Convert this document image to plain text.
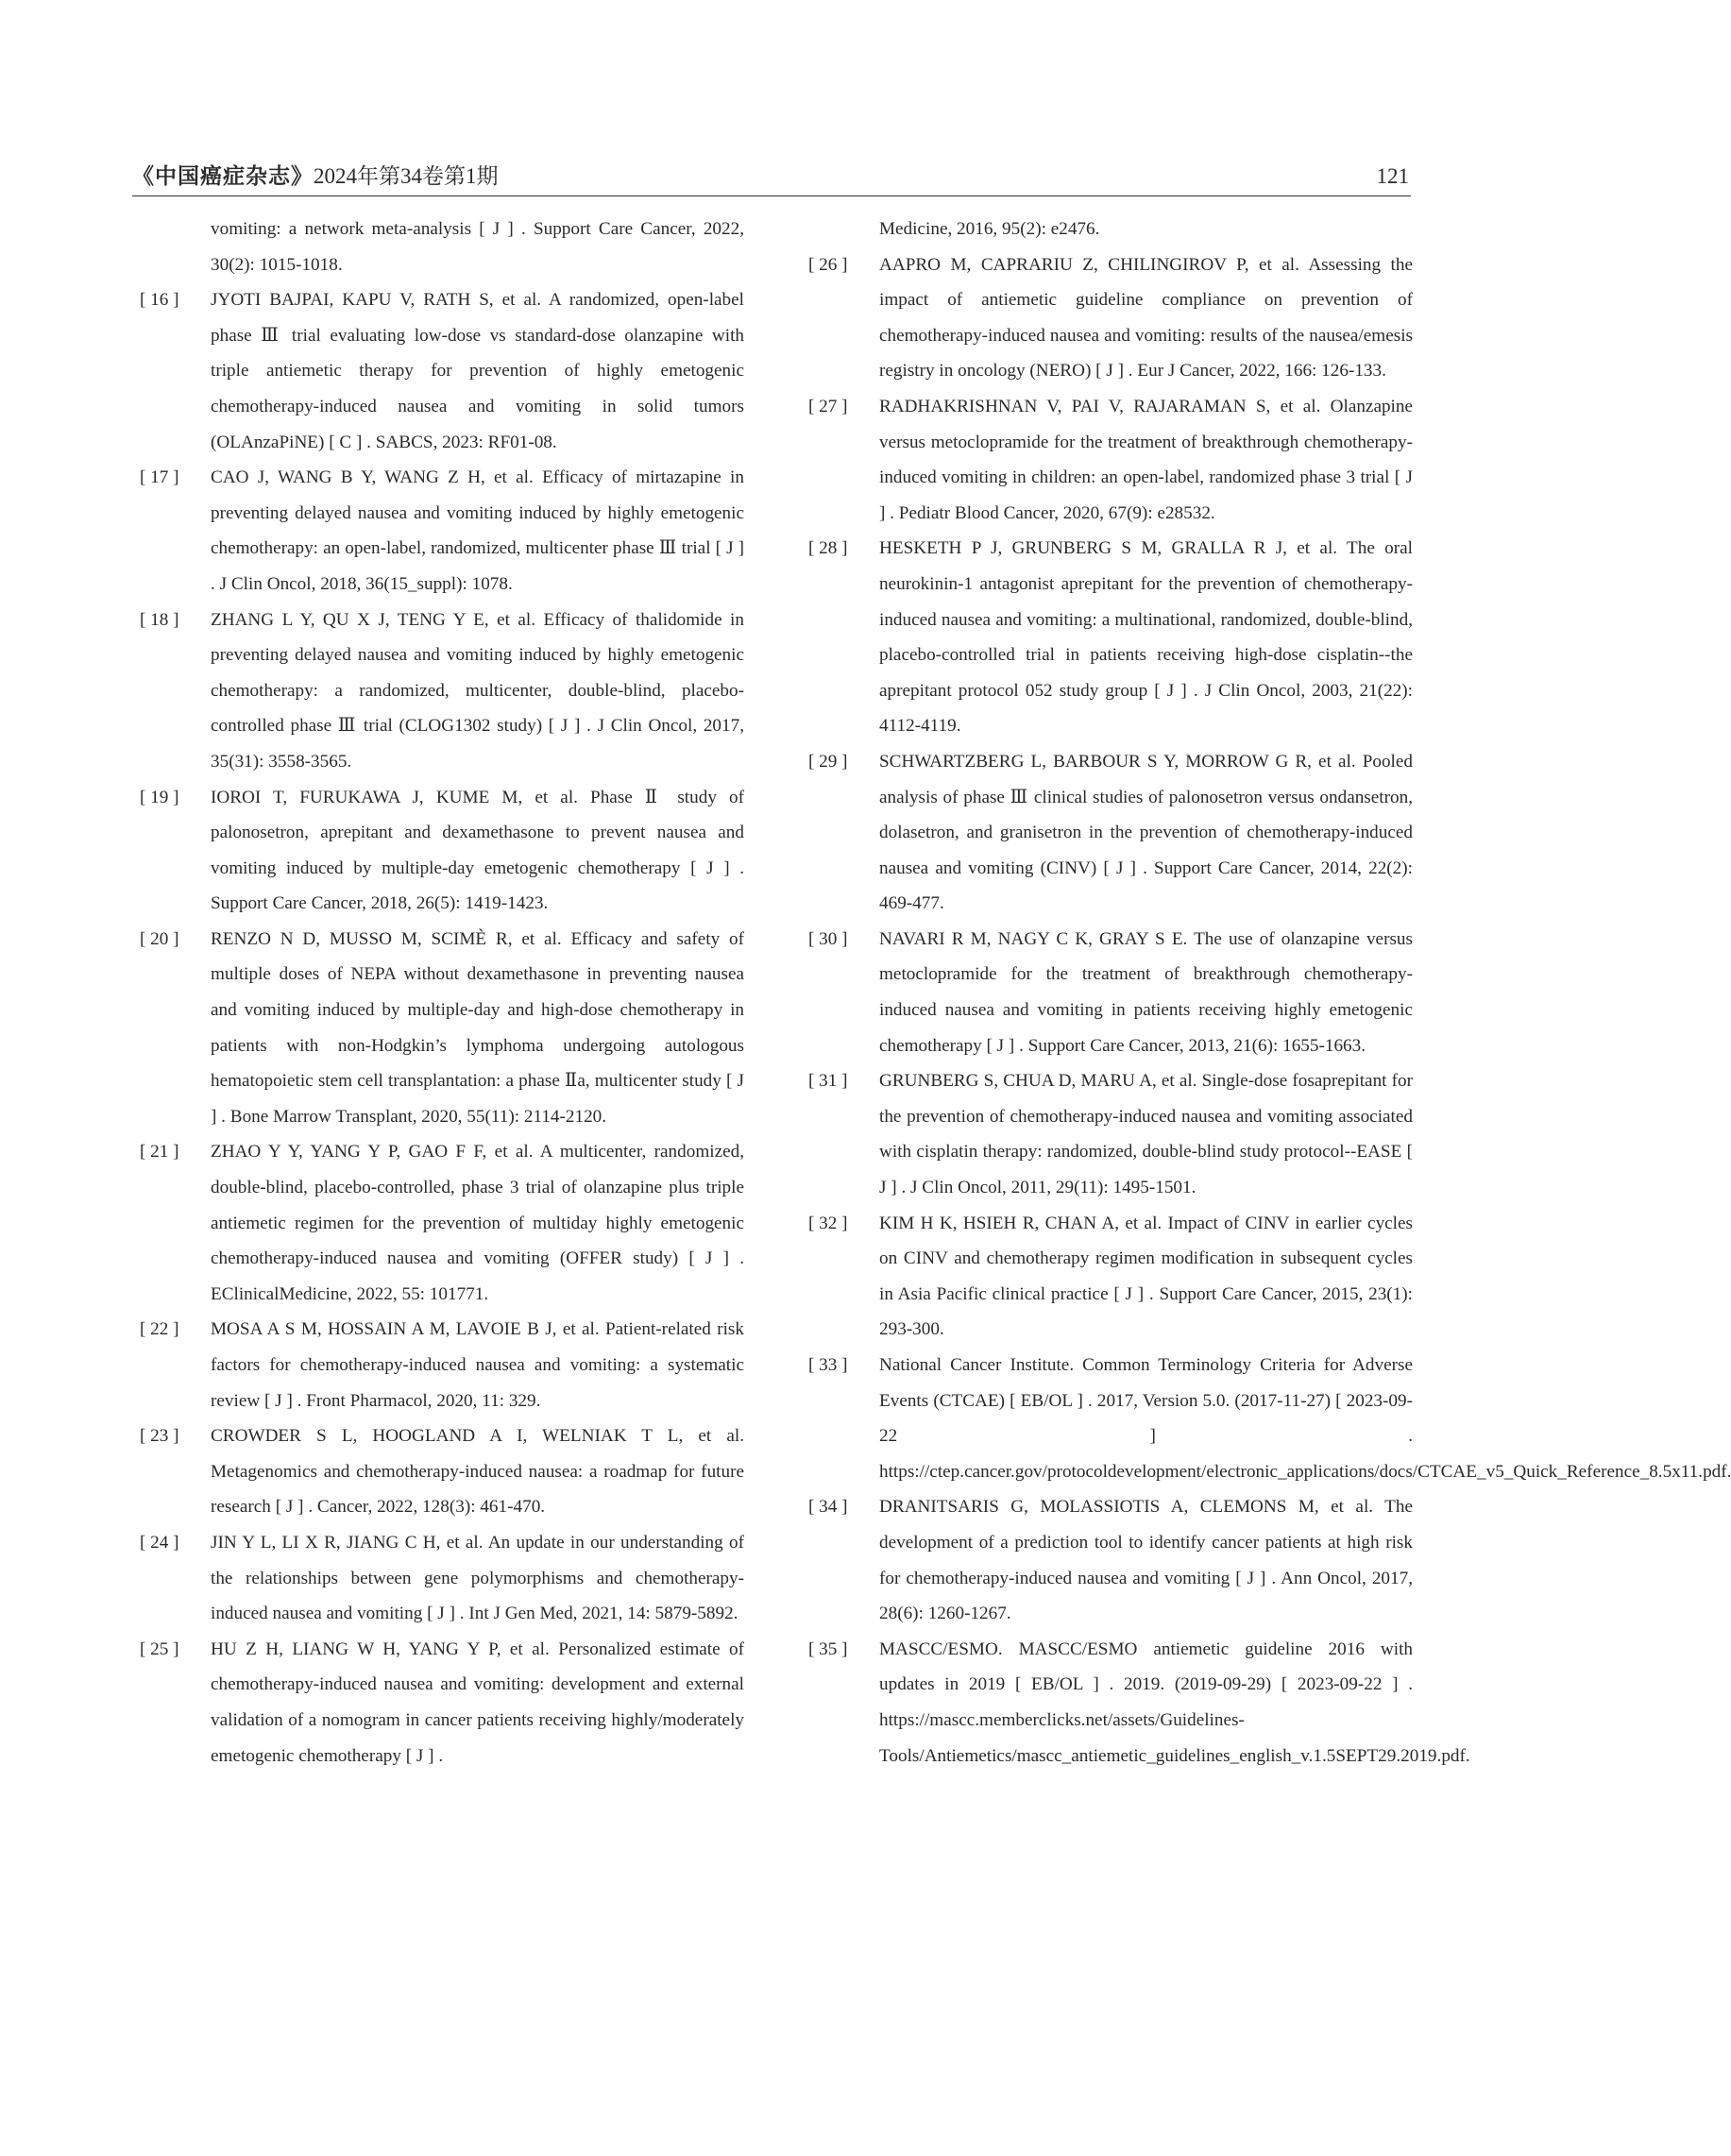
《中国癌症杂志》2024年第34卷第1期	121
vomiting: a network meta-analysis [ J ] . Support Care Cancer, 2022, 30(2): 1015-1018.
[ 16 ] JYOTI BAJPAI, KAPU V, RATH S, et al. A randomized, open-label phase Ⅲ trial evaluating low-dose vs standard-dose olanzapine with triple antiemetic therapy for prevention of highly emetogenic chemotherapy-induced nausea and vomiting in solid tumors (OLAnzaPiNE) [ C ] . SABCS, 2023: RF01-08.
[ 17 ] CAO J, WANG B Y, WANG Z H, et al. Efficacy of mirtazapine in preventing delayed nausea and vomiting induced by highly emetogenic chemotherapy: an open-label, randomized, multicenter phase Ⅲ trial [ J ] . J Clin Oncol, 2018, 36(15_suppl): 1078.
[ 18 ] ZHANG L Y, QU X J, TENG Y E, et al. Efficacy of thalidomide in preventing delayed nausea and vomiting induced by highly emetogenic chemotherapy: a randomized, multicenter, double-blind, placebo-controlled phase Ⅲ trial (CLOG1302 study) [ J ] . J Clin Oncol, 2017, 35(31): 3558-3565.
[ 19 ] IOROI T, FURUKAWA J, KUME M, et al. Phase Ⅱ study of palonosetron, aprepitant and dexamethasone to prevent nausea and vomiting induced by multiple-day emetogenic chemotherapy [ J ] . Support Care Cancer, 2018, 26(5): 1419-1423.
[ 20 ] RENZO N D, MUSSO M, SCIMÈ R, et al. Efficacy and safety of multiple doses of NEPA without dexamethasone in preventing nausea and vomiting induced by multiple-day and high-dose chemotherapy in patients with non-Hodgkin’s lymphoma undergoing autologous hematopoietic stem cell transplantation: a phase Ⅱa, multicenter study [ J ] . Bone Marrow Transplant, 2020, 55(11): 2114-2120.
[ 21 ] ZHAO Y Y, YANG Y P, GAO F F, et al. A multicenter, randomized, double-blind, placebo-controlled, phase 3 trial of olanzapine plus triple antiemetic regimen for the prevention of multiday highly emetogenic chemotherapy-induced nausea and vomiting (OFFER study) [ J ] . EClinicalMedicine, 2022, 55: 101771.
[ 22 ] MOSA A S M, HOSSAIN A M, LAVOIE B J, et al. Patient-related risk factors for chemotherapy-induced nausea and vomiting: a systematic review [ J ] . Front Pharmacol, 2020, 11: 329.
[ 23 ] CROWDER S L, HOOGLAND A I, WELNIAK T L, et al. Metagenomics and chemotherapy-induced nausea: a roadmap for future research [ J ] . Cancer, 2022, 128(3): 461-470.
[ 24 ] JIN Y L, LI X R, JIANG C H, et al. An update in our understanding of the relationships between gene polymorphisms and chemotherapy-induced nausea and vomiting [ J ] . Int J Gen Med, 2021, 14: 5879-5892.
[ 25 ] HU Z H, LIANG W H, YANG Y P, et al. Personalized estimate of chemotherapy-induced nausea and vomiting: development and external validation of a nomogram in cancer patients receiving highly/moderately emetogenic chemotherapy [ J ] .
Medicine, 2016, 95(2): e2476.
[ 26 ] AAPRO M, CAPRARIU Z, CHILINGIROV P, et al. Assessing the impact of antiemetic guideline compliance on prevention of chemotherapy-induced nausea and vomiting: results of the nausea/emesis registry in oncology (NERO) [ J ] . Eur J Cancer, 2022, 166: 126-133.
[ 27 ] RADHAKRISHNAN V, PAI V, RAJARAMAN S, et al. Olanzapine versus metoclopramide for the treatment of breakthrough chemotherapy-induced vomiting in children: an open-label, randomized phase 3 trial [ J ] . Pediatr Blood Cancer, 2020, 67(9): e28532.
[ 28 ] HESKETH P J, GRUNBERG S M, GRALLA R J, et al. The oral neurokinin-1 antagonist aprepitant for the prevention of chemotherapy-induced nausea and vomiting: a multinational, randomized, double-blind, placebo-controlled trial in patients receiving high-dose cisplatin--the aprepitant protocol 052 study group [ J ] . J Clin Oncol, 2003, 21(22): 4112-4119.
[ 29 ] SCHWARTZBERG L, BARBOUR S Y, MORROW G R, et al. Pooled analysis of phase Ⅲ clinical studies of palonosetron versus ondansetron, dolasetron, and granisetron in the prevention of chemotherapy-induced nausea and vomiting (CINV) [ J ] . Support Care Cancer, 2014, 22(2): 469-477.
[ 30 ] NAVARI R M, NAGY C K, GRAY S E. The use of olanzapine versus metoclopramide for the treatment of breakthrough chemotherapy-induced nausea and vomiting in patients receiving highly emetogenic chemotherapy [ J ] . Support Care Cancer, 2013, 21(6): 1655-1663.
[ 31 ] GRUNBERG S, CHUA D, MARU A, et al. Single-dose fosaprepitant for the prevention of chemotherapy-induced nausea and vomiting associated with cisplatin therapy: randomized, double-blind study protocol--EASE [ J ] . J Clin Oncol, 2011, 29(11): 1495-1501.
[ 32 ] KIM H K, HSIEH R, CHAN A, et al. Impact of CINV in earlier cycles on CINV and chemotherapy regimen modification in subsequent cycles in Asia Pacific clinical practice [ J ] . Support Care Cancer, 2015, 23(1): 293-300.
[ 33 ] National Cancer Institute. Common Terminology Criteria for Adverse Events (CTCAE) [ EB/OL ] . 2017, Version 5.0. (2017-11-27) [ 2023-09-22 ] . https://ctep.cancer.gov/protocoldevelopment/electronic_applications/docs/CTCAE_v5_Quick_Reference_8.5x11.pdf.
[ 34 ] DRANITSARIS G, MOLASSIOTIS A, CLEMONS M, et al. The development of a prediction tool to identify cancer patients at high risk for chemotherapy-induced nausea and vomiting [ J ] . Ann Oncol, 2017, 28(6): 1260-1267.
[ 35 ] MASCC/ESMO. MASCC/ESMO antiemetic guideline 2016 with updates in 2019 [ EB/OL ] . 2019. (2019-09-29) [ 2023-09-22 ] . https://mascc.memberclicks.net/assets/Guidelines-Tools/Antiemetics/mascc_antiemetic_guidelines_english_v.1.5SEPT29.2019.pdf.
